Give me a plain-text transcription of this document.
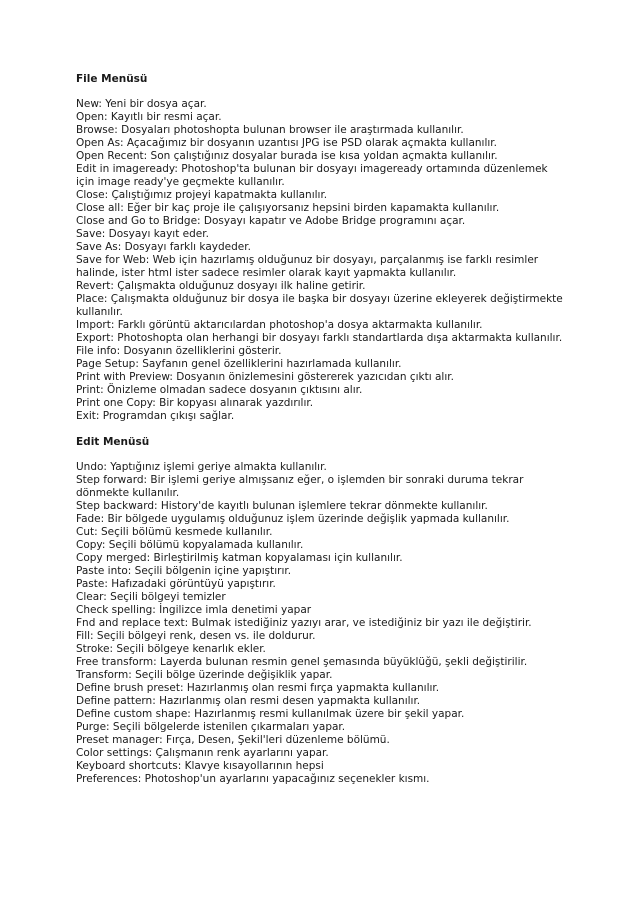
File Menüsü
New: Yeni bir dosya açar.
Open: Kayıtlı bir resmi açar.
Browse: Dosyaları photoshopta bulunan browser ile araştırmada kullanılır.
Open As: Açacağımız bir dosyanın uzantısı JPG ise PSD olarak açmakta kullanılır.
Open Recent: Son çalıştığınız dosyalar burada ise kısa yoldan açmakta kullanılır.
Edit in imageready: Photoshop'ta bulunan bir dosyayı imageready ortamında düzenlemek için image ready'ye geçmekte kullanılır.
Close: Çalıştığımız projeyi kapatmakta kullanılır.
Close all: Eğer bir kaç proje ile çalışıyorsanız hepsini birden kapamakta kullanılır.
Close and Go to Bridge: Dosyayı kapatır ve Adobe Bridge programını açar.
Save: Dosyayı kayıt eder.
Save As: Dosyayı farklı kaydeder.
Save for Web: Web için hazırlamış olduğunuz bir dosyayı, parçalanmış ise farklı resimler halinde, ister html ister sadece resimler olarak kayıt yapmakta kullanılır.
Revert: Çalışmakta olduğunuz dosyayı ilk haline getirir.
Place: Çalışmakta olduğunuz bir dosya ile başka bir dosyayı üzerine ekleyerek değiştirmekte kullanılır.
Import: Farklı görüntü aktarıcılardan photoshop'a dosya aktarmakta kullanılır.
Export: Photoshopta olan herhangi bir dosyayı farklı standartlarda dışa aktarmakta kullanılır.
File info: Dosyanın özelliklerini gösterir.
Page Setup: Sayfanın genel özelliklerini hazırlamada kullanılır.
Print with Preview: Dosyanın önizlemesini göstererek yazıcıdan çıktı alır.
Print: Önizleme olmadan sadece dosyanın çıktısını alır.
Print one Copy: Bir kopyası alınarak yazdırılır.
Exit: Programdan çıkışı sağlar.
Edit Menüsü
Undo: Yaptığınız işlemi geriye almakta kullanılır.
Step forward: Bir işlemi geriye almışsanız eğer, o işlemden bir sonraki duruma tekrar dönmekte kullanılır.
Step backward: History'de kayıtlı bulunan işlemlere tekrar dönmekte kullanılır.
Fade: Bir bölgede uygulamış olduğunuz işlem üzerinde değişlik yapmada kullanılır.
Cut: Seçili bölümü kesmede kullanılır.
Copy: Seçili bölümü kopyalamada kullanılır.
Copy merged: Birleştirilmiş katman kopyalaması için kullanılır.
Paste into: Seçili bölgenin içine yapıştırır.
Paste: Hafızadaki görüntüyü yapıştırır.
Clear: Seçili bölgeyi temizler
Check spelling: İngilizce imla denetimi yapar
Fnd and replace text: Bulmak istediğiniz yazıyı arar, ve istediğiniz bir yazı ile değiştirir.
Fill: Seçili bölgeyi renk, desen vs. ile doldurur.
Stroke: Seçili bölgeye kenarlık ekler.
Free transform: Layerda bulunan resmin genel şemasında büyüklüğü, şekli değiştirilir.
Transform: Seçili bölge üzerinde değişiklik yapar.
Define brush preset: Hazırlanmış olan resmi fırça yapmakta kullanılır.
Define pattern: Hazırlanmış olan resmi desen yapmakta kullanılır.
Define custom shape: Hazırlanmış resmi kullanılmak üzere bir şekil yapar.
Purge: Seçili bölgelerde istenilen çıkarmaları yapar.
Preset manager: Fırça, Desen, Şekil'leri düzenleme bölümü.
Color settings: Çalışmanın renk ayarlarını yapar.
Keyboard shortcuts: Klavye kısayollarının hepsi
Preferences: Photoshop'un ayarlarını yapacağınız seçenekler kısmı.
